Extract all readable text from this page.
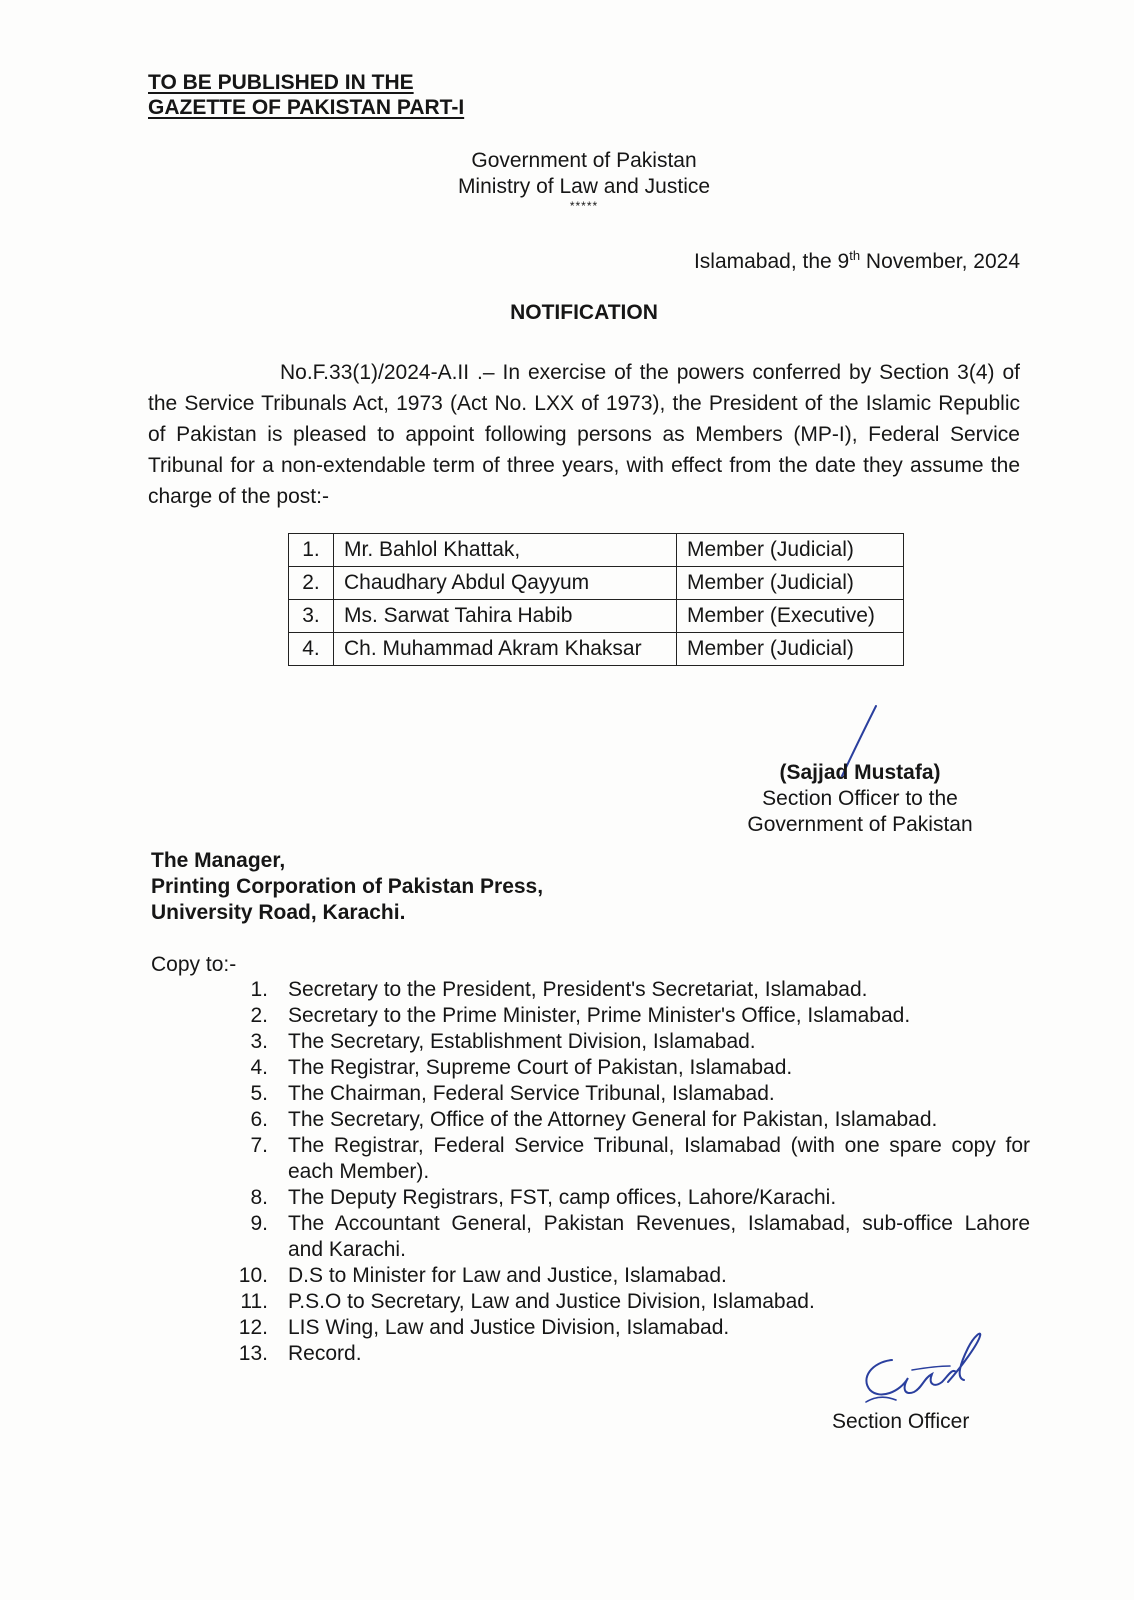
TO BE PUBLISHED IN THE
GAZETTE OF PAKISTAN PART-I
Government of Pakistan
Ministry of Law and Justice
*****
Islamabad, the 9th November, 2024
NOTIFICATION
No.F.33(1)/2024-A.II .– In exercise of the powers conferred by Section 3(4) of the Service Tribunals Act, 1973 (Act No. LXX of 1973), the President of the Islamic Republic of Pakistan is pleased to appoint following persons as Members (MP-I), Federal Service Tribunal for a non-extendable term of three years, with effect from the date they assume the charge of the post:-
1.	Mr. Bahlol Khattak,	Member (Judicial)
2.	Chaudhary Abdul Qayyum	Member (Judicial)
3.	Ms. Sarwat Tahira Habib	Member (Executive)
4.	Ch. Muhammad Akram Khaksar	Member (Judicial)
(Sajjad Mustafa)
Section Officer to the
Government of Pakistan
The Manager,
Printing Corporation of Pakistan Press,
University Road, Karachi.
Copy to:-
1. Secretary to the President, President's Secretariat, Islamabad.
2. Secretary to the Prime Minister, Prime Minister's Office, Islamabad.
3. The Secretary, Establishment Division, Islamabad.
4. The Registrar, Supreme Court of Pakistan, Islamabad.
5. The Chairman, Federal Service Tribunal, Islamabad.
6. The Secretary, Office of the Attorney General for Pakistan, Islamabad.
7. The Registrar, Federal Service Tribunal, Islamabad (with one spare copy for each Member).
8. The Deputy Registrars, FST, camp offices, Lahore/Karachi.
9. The Accountant General, Pakistan Revenues, Islamabad, sub-office Lahore and Karachi.
10. D.S to Minister for Law and Justice, Islamabad.
11. P.S.O to Secretary, Law and Justice Division, Islamabad.
12. LIS Wing, Law and Justice Division, Islamabad.
13. Record.
Section Officer
